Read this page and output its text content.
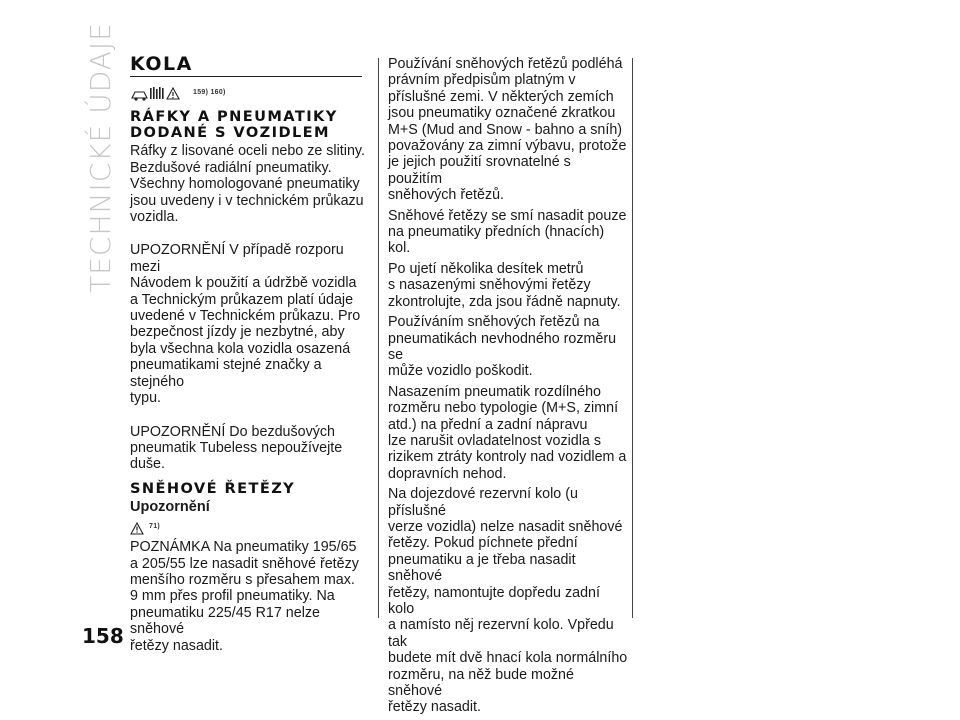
TECHNICKÉ ÚDAJE KOLA
159) 160)
RÁFKY A PNEUMATIKY DODANÉ S VOZIDLEM

Ráfky z lisované oceli nebo ze slitiny.
Bezdušové radiální pneumatiky.
Všechny homologované pneumatiky
jsou uvedeny i v technickém průkazu
vozidla.

UPOZORNĚNÍ V případě rozporu mezi
Návodem k použití a údržbě vozidla
a Technickým průkazem platí údaje
uvedené v Technickém průkazu. Pro
bezpečnost jízdy je nezbytné, aby
byla všechna kola vozidla osazená
pneumatikami stejné značky a stejného
typu.

UPOZORNĚNÍ Do bezdušových
pneumatik Tubeless nepoužívejte duše.

SNĚHOVÉ ŘETĚZY
Upozornění
71)

POZNÁMKA Na pneumatiky 195/65
a 205/55 lze nasadit sněhové řetězy
menšího rozměru s přesahem max.
9 mm přes profil pneumatiky. Na
pneumatiku 225/45 R17 nelze sněhové
řetězy nasadit.

Používání sněhových řetězů podléhá
právním předpisům platným v
příslušné zemi. V některých zemích
jsou pneumatiky označené zkratkou
M+S (Mud and Snow - bahno a sníh)
považovány za zimní výbavu, protože
je jejich použití srovnatelné s použitím
sněhových řetězů.

Sněhové řetězy se smí nasadit pouze
na pneumatiky předních (hnacích) kol.

Po ujetí několika desítek metrů
s nasazenými sněhovými řetězy
zkontrolujte, zda jsou řádně napnuty.

Používáním sněhových řetězů na
pneumatikách nevhodného rozměru se
může vozidlo poškodit.

Nasazením pneumatik rozdílného
rozměru nebo typologie (M+S, zimní
atd.) na přední a zadní nápravu
lze narušit ovladatelnost vozidla s
rizikem ztráty kontroly nad vozidlem a
dopravních nehod.

Na dojezdové rezervní kolo (u příslušné
verze vozidla) nelze nasadit sněhové
řetězy. Pokud píchnete přední
pneumatiku a je třeba nasadit sněhové
řetězy, namontujte dopředu zadní kolo
a namísto něj rezervní kolo. Vpředu tak
budete mít dvě hnací kola normálního
rozměru, na něž bude možné sněhové
řetězy nasadit.

158
